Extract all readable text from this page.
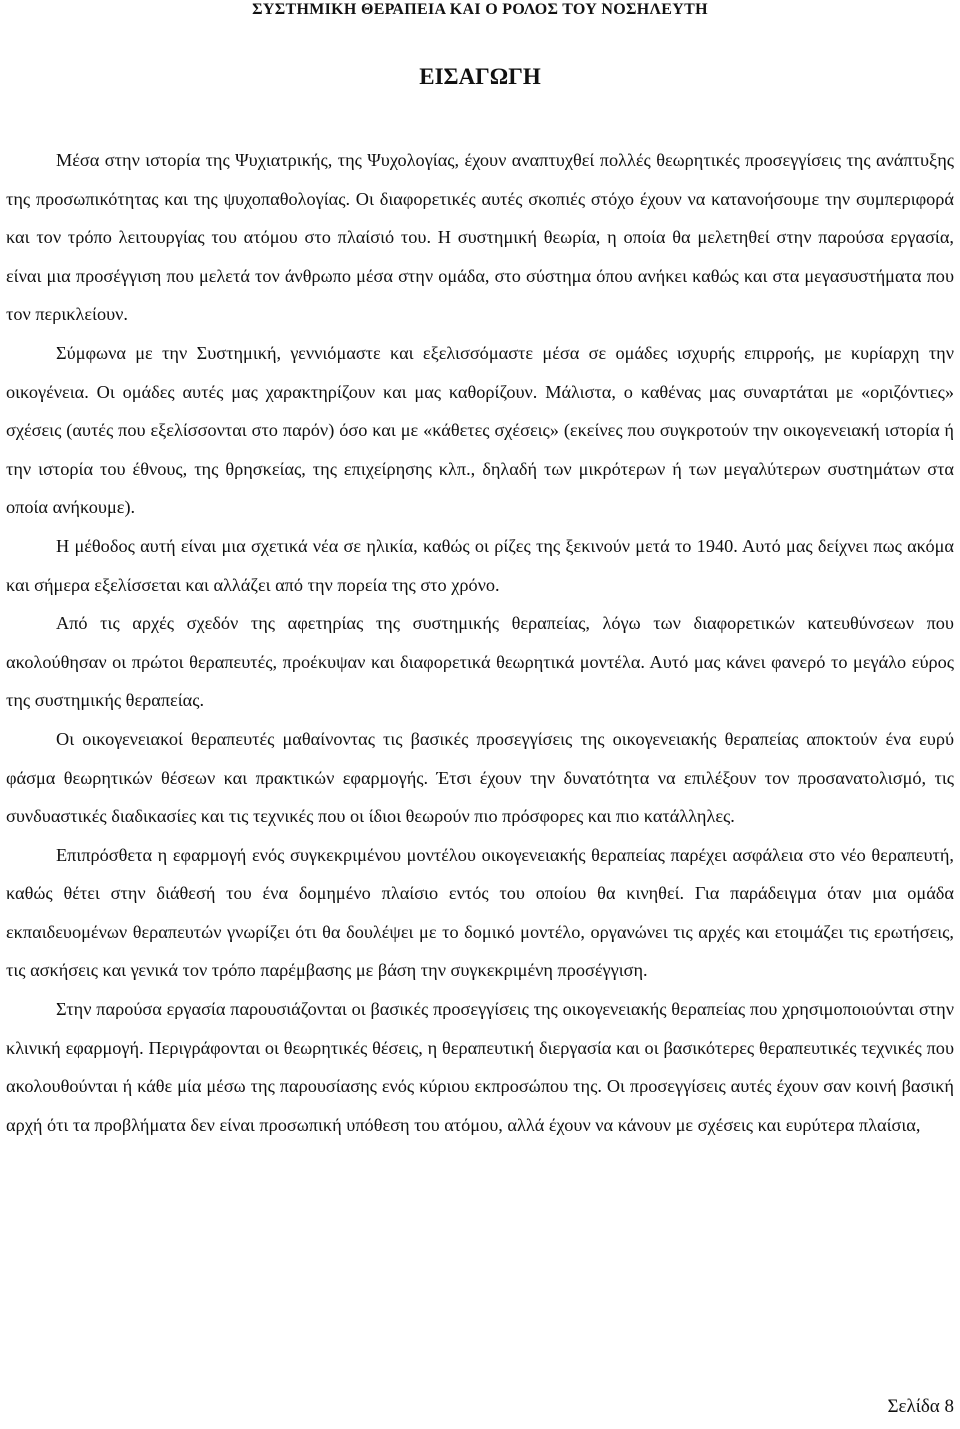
ΣΥΣΤΗΜΙΚΗ ΘΕΡΑΠΕΙΑ ΚΑΙ Ο ΡΟΛΟΣ ΤΟΥ ΝΟΣΗΛΕΥΤΗ
ΕΙΣΑΓΩΓΗ

Μέσα στην ιστορία της Ψυχιατρικής, της Ψυχολογίας, έχουν αναπτυχθεί πολλές θεωρητικές προσεγγίσεις της ανάπτυξης της προσωπικότητας και της ψυχοπαθολογίας. Οι διαφορετικές αυτές σκοπιές στόχο έχουν να κατανοήσουμε την συμπεριφορά και τον τρόπο λειτουργίας του ατόμου στο πλαίσιό του. Η συστημική θεωρία, η οποία θα μελετηθεί στην παρούσα εργασία, είναι μια προσέγγιση που μελετά τον άνθρωπο μέσα στην ομάδα, στο σύστημα όπου ανήκει καθώς και στα μεγασυστήματα που τον περικλείουν.

Σύμφωνα με την Συστημική, γεννιόμαστε και εξελισσόμαστε μέσα σε ομάδες ισχυρής επιρροής, με κυρίαρχη την οικογένεια. Οι ομάδες αυτές μας χαρακτηρίζουν και μας καθορίζουν. Μάλιστα, ο καθένας μας συναρτάται με «οριζόντιες» σχέσεις (αυτές που εξελίσσονται στο παρόν) όσο και με «κάθετες σχέσεις» (εκείνες που συγκροτούν την οικογενειακή ιστορία ή την ιστορία του έθνους, της θρησκείας, της επιχείρησης κλπ., δηλαδή των μικρότερων ή των μεγαλύτερων συστημάτων στα οποία ανήκουμε).

Η μέθοδος αυτή είναι μια σχετικά νέα σε ηλικία, καθώς οι ρίζες της ξεκινούν μετά το 1940. Αυτό μας δείχνει πως ακόμα και σήμερα εξελίσσεται και αλλάζει από την πορεία της στο χρόνο.

Από τις αρχές σχεδόν της αφετηρίας της συστημικής θεραπείας, λόγω των διαφορετικών κατευθύνσεων που ακολούθησαν οι πρώτοι θεραπευτές, προέκυψαν και διαφορετικά θεωρητικά μοντέλα. Αυτό μας κάνει φανερό το μεγάλο εύρος της συστημικής θεραπείας.

Οι οικογενειακοί θεραπευτές μαθαίνοντας τις βασικές προσεγγίσεις της οικογενειακής θεραπείας αποκτούν ένα ευρύ φάσμα θεωρητικών θέσεων και πρακτικών εφαρμογής. Έτσι έχουν την δυνατότητα να επιλέξουν τον προσανατολισμό, τις συνδυαστικές διαδικασίες και τις τεχνικές που οι ίδιοι θεωρούν πιο πρόσφορες και πιο κατάλληλες.

Επιπρόσθετα η εφαρμογή ενός συγκεκριμένου μοντέλου οικογενειακής θεραπείας παρέχει ασφάλεια στο νέο θεραπευτή, καθώς θέτει στην διάθεσή του ένα δομημένο πλαίσιο εντός του οποίου θα κινηθεί. Για παράδειγμα όταν μια ομάδα εκπαιδευομένων θεραπευτών γνωρίζει ότι θα δουλέψει με το δομικό μοντέλο, οργανώνει τις αρχές και ετοιμάζει τις ερωτήσεις, τις ασκήσεις και γενικά τον τρόπο παρέμβασης με βάση την συγκεκριμένη προσέγγιση.

Στην παρούσα εργασία παρουσιάζονται οι βασικές προσεγγίσεις της οικογενειακής θεραπείας που χρησιμοποιούνται στην κλινική εφαρμογή. Περιγράφονται οι θεωρητικές θέσεις, η θεραπευτική διεργασία και οι βασικότερες θεραπευτικές τεχνικές που ακολουθούνται ή κάθε μία μέσω της παρουσίασης ενός κύριου εκπροσώπου της. Οι προσεγγίσεις αυτές έχουν σαν κοινή βασική αρχή ότι τα προβλήματα δεν είναι προσωπική υπόθεση του ατόμου, αλλά έχουν να κάνουν με σχέσεις και ευρύτερα πλαίσια,

Σελίδα 8
